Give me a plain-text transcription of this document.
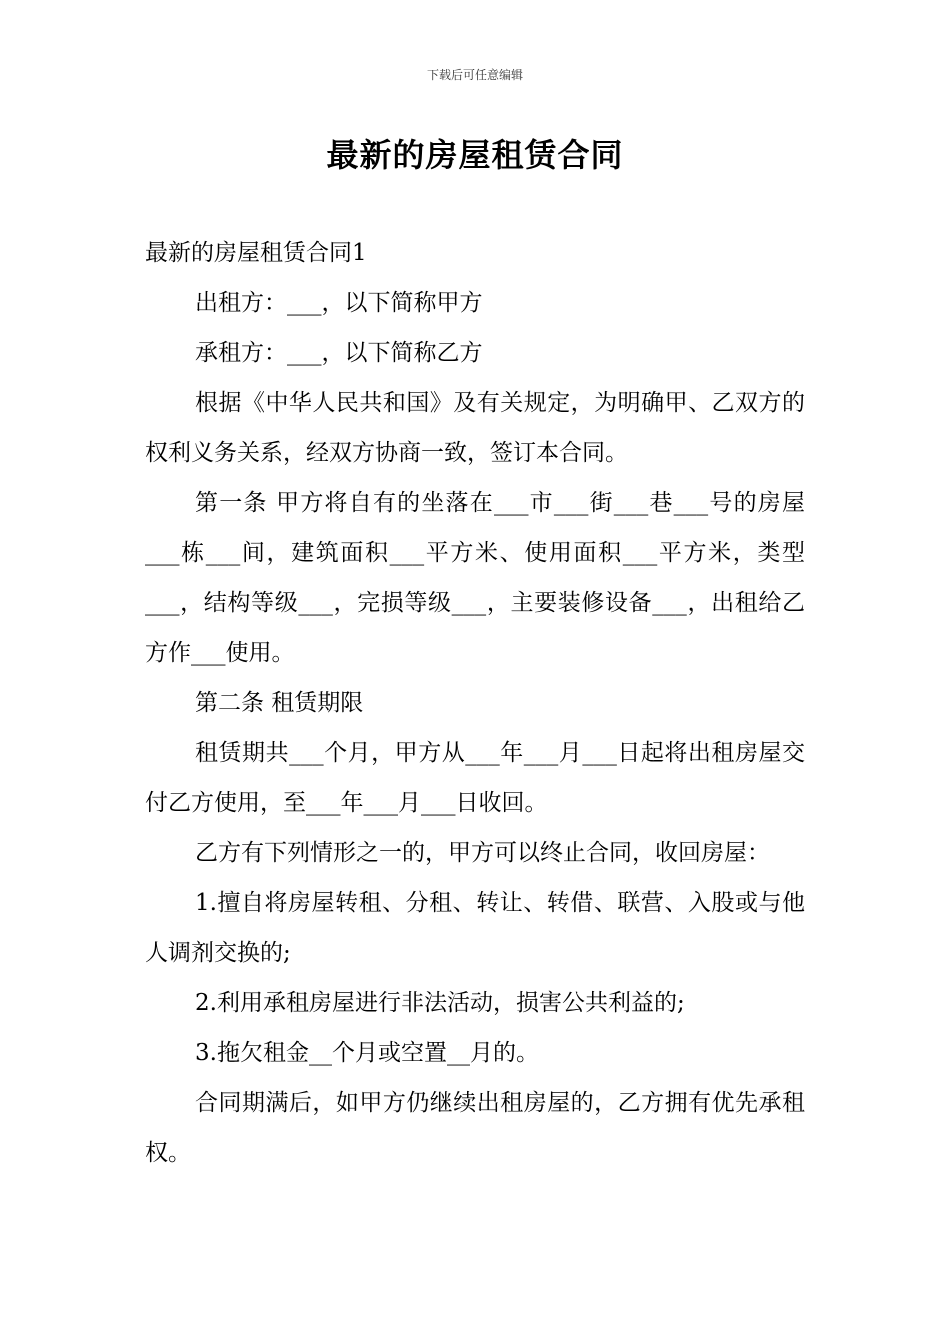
下载后可任意编辑
最新的房屋租赁合同

最新的房屋租赁合同1

出租方：___，以下简称甲方

承租方：___，以下简称乙方

根据《中华人民共和国》及有关规定，为明确甲、乙双方的权利义务关系，经双方协商一致，签订本合同。

第一条 甲方将自有的坐落在___市___街___巷___号的房屋___栋___间，建筑面积___平方米、使用面积___平方米，类型___，结构等级___，完损等级___，主要装修设备___，出租给乙方作___使用。

第二条 租赁期限

租赁期共___个月，甲方从___年___月___日起将出租房屋交付乙方使用，至___年___月___日收回。

乙方有下列情形之一的，甲方可以终止合同，收回房屋：

1.擅自将房屋转租、分租、转让、转借、联营、入股或与他人调剂交换的;

2.利用承租房屋进行非法活动，损害公共利益的;

3.拖欠租金__个月或空置__月的。

合同期满后，如甲方仍继续出租房屋的，乙方拥有优先承租权。
